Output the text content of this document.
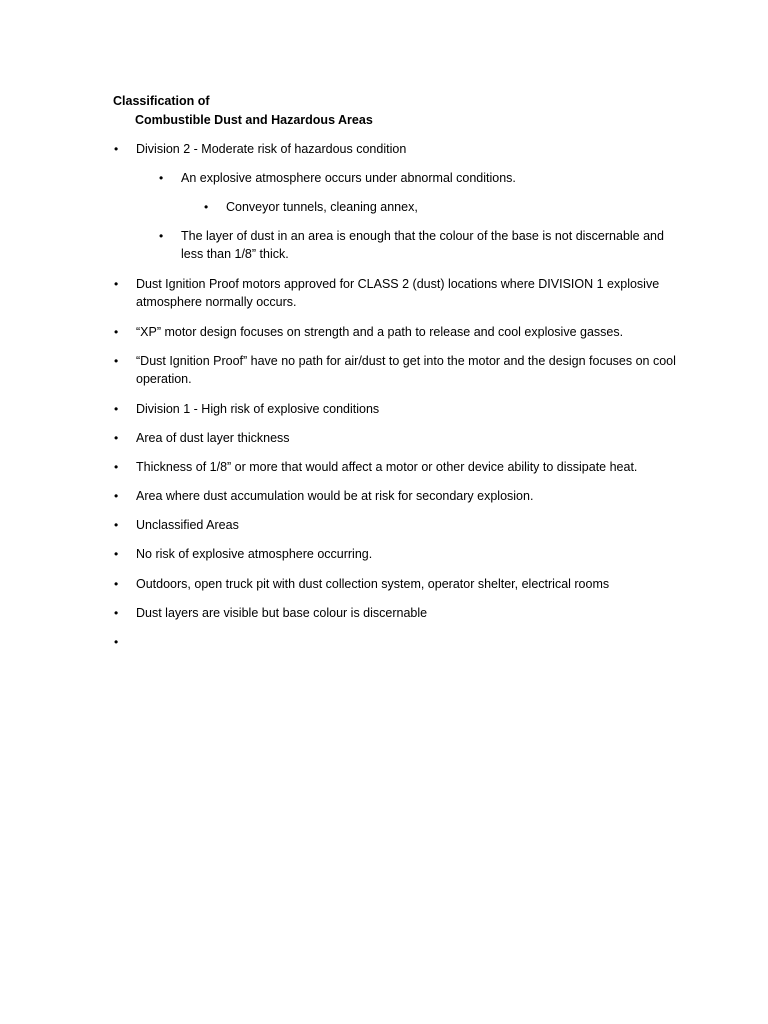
Classification of
Combustible Dust and Hazardous Areas
• Division 2 - Moderate risk of hazardous condition
• An explosive atmosphere occurs under abnormal conditions.
• Conveyor tunnels, cleaning annex,
• The layer of dust in an area is enough that the colour of the base is not discernable and less than 1/8” thick.
• Dust Ignition Proof motors approved for CLASS 2 (dust) locations where DIVISION 1 explosive atmosphere normally occurs.
• “XP” motor design focuses on strength and a path to release and cool explosive gasses.
• “Dust Ignition Proof” have no path for air/dust to get into the motor and the design focuses on cool operation.
• Division 1 - High risk of explosive conditions
• Area of dust layer thickness
• Thickness of 1/8” or more that would affect a motor or other device ability to dissipate heat.
• Area where dust accumulation would be at risk for secondary explosion.
• Unclassified Areas
• No risk of explosive atmosphere occurring.
• Outdoors, open truck pit with dust collection system, operator shelter, electrical rooms
• Dust layers are visible but base colour is discernable
•
